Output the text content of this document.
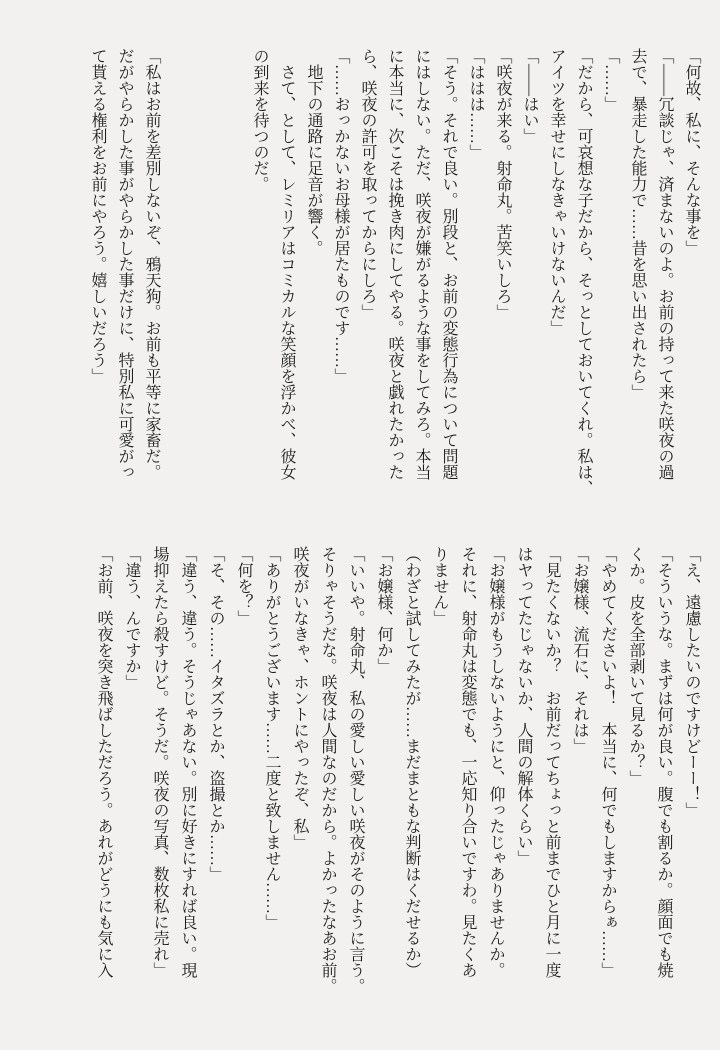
「何故、私に、そんな事を」

「――冗談じゃ、済まないのよ。お前の持って来た咲夜の過

去で、暴走した能力で……昔を思い出されたら」

「……」

「だから、可哀想な子だから、そっとしておいてくれ。私は、

アイツを幸せにしなきゃいけないんだ」

「――はい」

「咲夜が来る。射命丸。苦笑いしろ」

「ははは……」

「そう。それで良い。別段と、お前の変態行為について問題

にはしない。ただ、咲夜が嫌がるような事をしてみろ。本当

に本当に、次こそは挽き肉にしてやる。咲夜と戯れたかった

ら、咲夜の許可を取ってからにしろ」

「……おっかないお母様が居たものです……」

　地下の通路に足音が響く。

　さて、として、レミリアはコミカルな笑顔を浮かべ、彼女

の到来を待つのだ。

「私はお前を差別しないぞ、鴉天狗。お前も平等に家畜だ。

だがやらかした事がやらかした事だけに、特別私に可愛がっ

て貰える権利をお前にやろう。嬉しいだろう」

「え、遠慮したいのですけどーー！」

「そういうな。まずは何が良い。腹でも割るか。顔面でも焼

くか。皮を全部剥いて見るか？」

「やめてくださいよ！　本当に、何でもしますからぁ……」

「お嬢様、流石に、それは」

「見たくないか？　お前だってちょっと前までひと月に一度

はヤってたじゃないか、人間の解体くらい」

「お嬢様がもうしないようにと、仰ったじゃありませんか。

それに、射命丸は変態でも、一応知り合いですわ。見たくあ

りません」

（わざと試してみたが……まだまともな判断はくだせるか）

「お嬢様、何か」

「いいや。射命丸、私の愛しい愛しい咲夜がそのように言う。

そりゃそうだな。咲夜は人間なのだから。よかったなあお前。

咲夜がいなきゃ、ホントにやったぞ、私」

「ありがとうございます……二度と致しません……」

「何を？」

「そ、その……イタズラとか、盗撮とか……」

「違う、違う。そうじゃあない。別に好きにすれば良い。現

場抑えたら殺すけど。そうだ。咲夜の写真、数枚私に売れ」

「違う、んですか」

「お前、咲夜を突き飛ばしただろう。あれがどうにも気に入
